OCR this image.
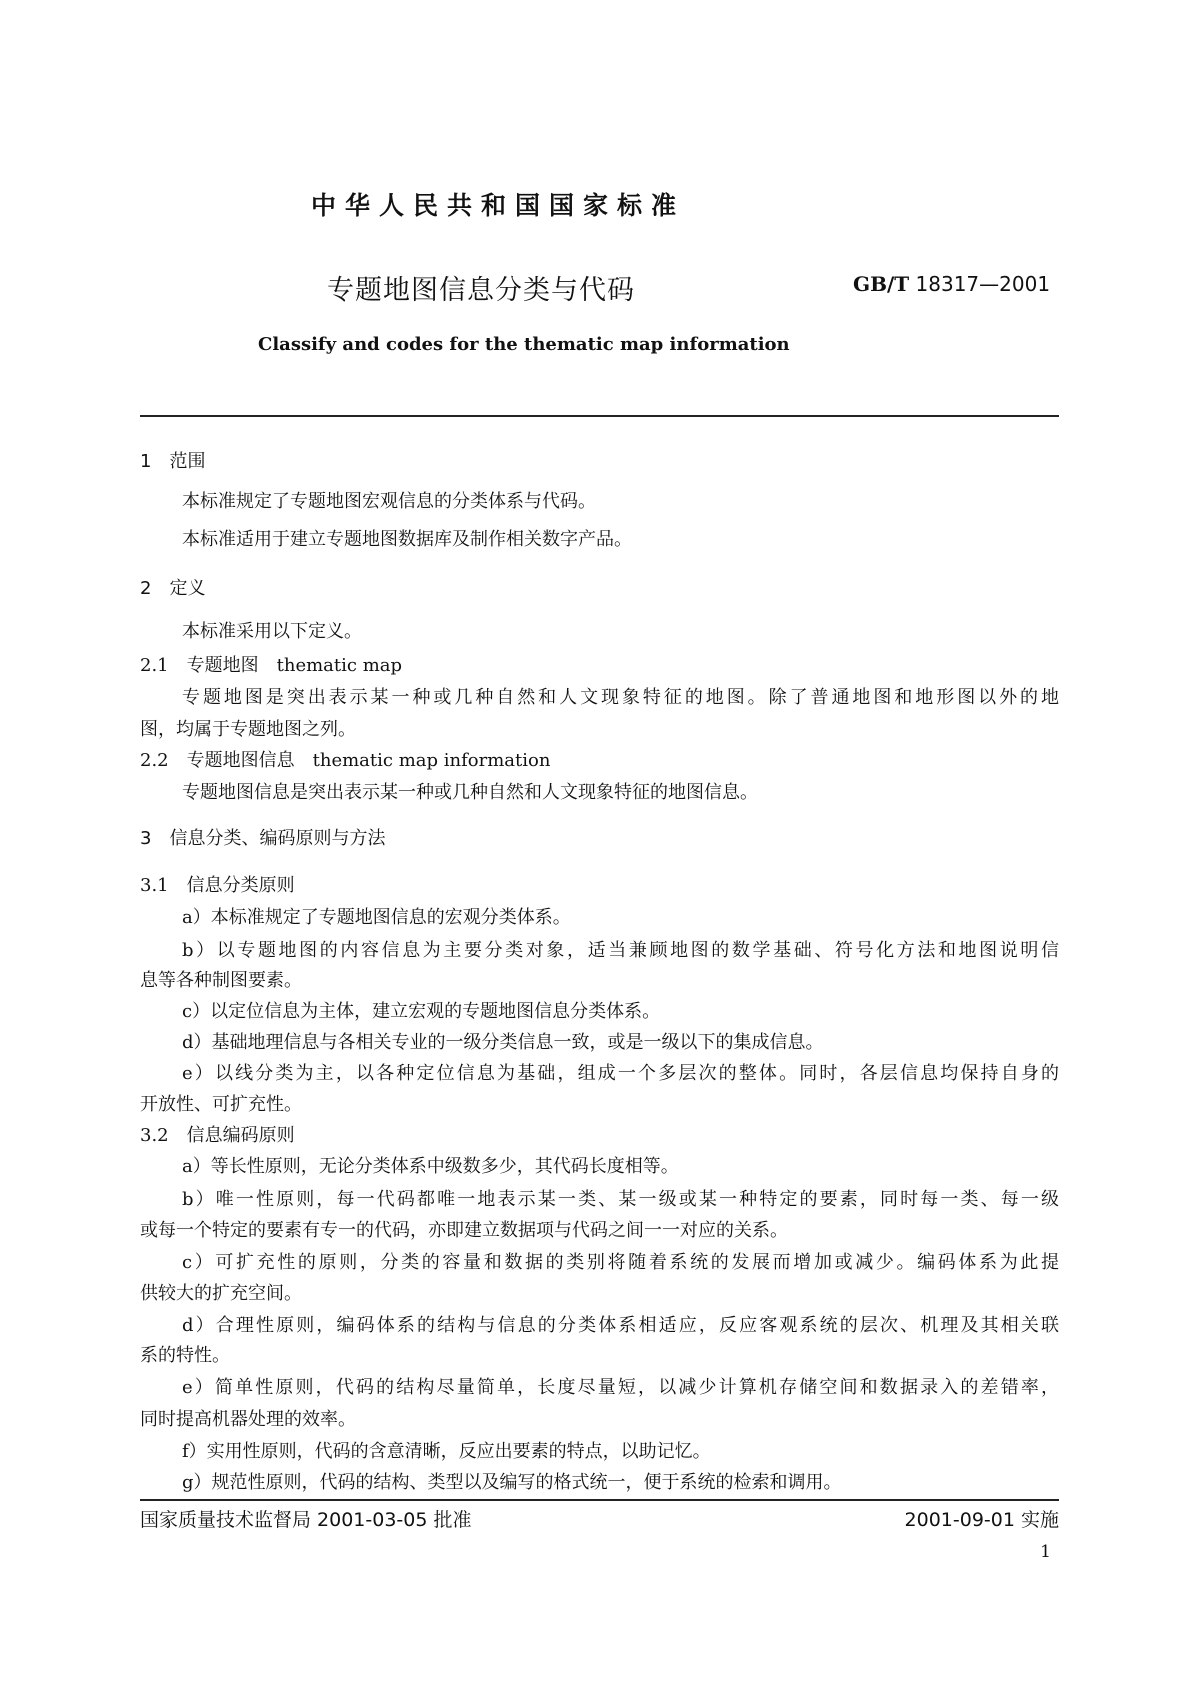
中华人民共和国国家标准
专题地图信息分类与代码	GB/T 18317—2001
Classify and codes for the thematic map information
1　范围
本标准规定了专题地图宏观信息的分类体系与代码。
本标准适用于建立专题地图数据库及制作相关数字产品。
2　定义
本标准采用以下定义。
2.1　专题地图　thematic map
专题地图是突出表示某一种或几种自然和人文现象特征的地图。除了普通地图和地形图以外的地
图，均属于专题地图之列。
2.2　专题地图信息　thematic map information
专题地图信息是突出表示某一种或几种自然和人文现象特征的地图信息。
3　信息分类、编码原则与方法
3.1　信息分类原则
a）本标准规定了专题地图信息的宏观分类体系。
b）以专题地图的内容信息为主要分类对象，适当兼顾地图的数学基础、符号化方法和地图说明信
息等各种制图要素。
c）以定位信息为主体，建立宏观的专题地图信息分类体系。
d）基础地理信息与各相关专业的一级分类信息一致，或是一级以下的集成信息。
e）以线分类为主，以各种定位信息为基础，组成一个多层次的整体。同时，各层信息均保持自身的
开放性、可扩充性。
3.2　信息编码原则
a）等长性原则，无论分类体系中级数多少，其代码长度相等。
b）唯一性原则，每一代码都唯一地表示某一类、某一级或某一种特定的要素，同时每一类、每一级
或每一个特定的要素有专一的代码，亦即建立数据项与代码之间一一对应的关系。
c）可扩充性的原则，分类的容量和数据的类别将随着系统的发展而增加或减少。编码体系为此提
供较大的扩充空间。
d）合理性原则，编码体系的结构与信息的分类体系相适应，反应客观系统的层次、机理及其相关联
系的特性。
e）简单性原则，代码的结构尽量简单，长度尽量短，以减少计算机存储空间和数据录入的差错率，
同时提高机器处理的效率。
f）实用性原则，代码的含意清晰，反应出要素的特点，以助记忆。
g）规范性原则，代码的结构、类型以及编写的格式统一，便于系统的检索和调用。
国家质量技术监督局 2001-03-05 批准	2001-09-01 实施
1
